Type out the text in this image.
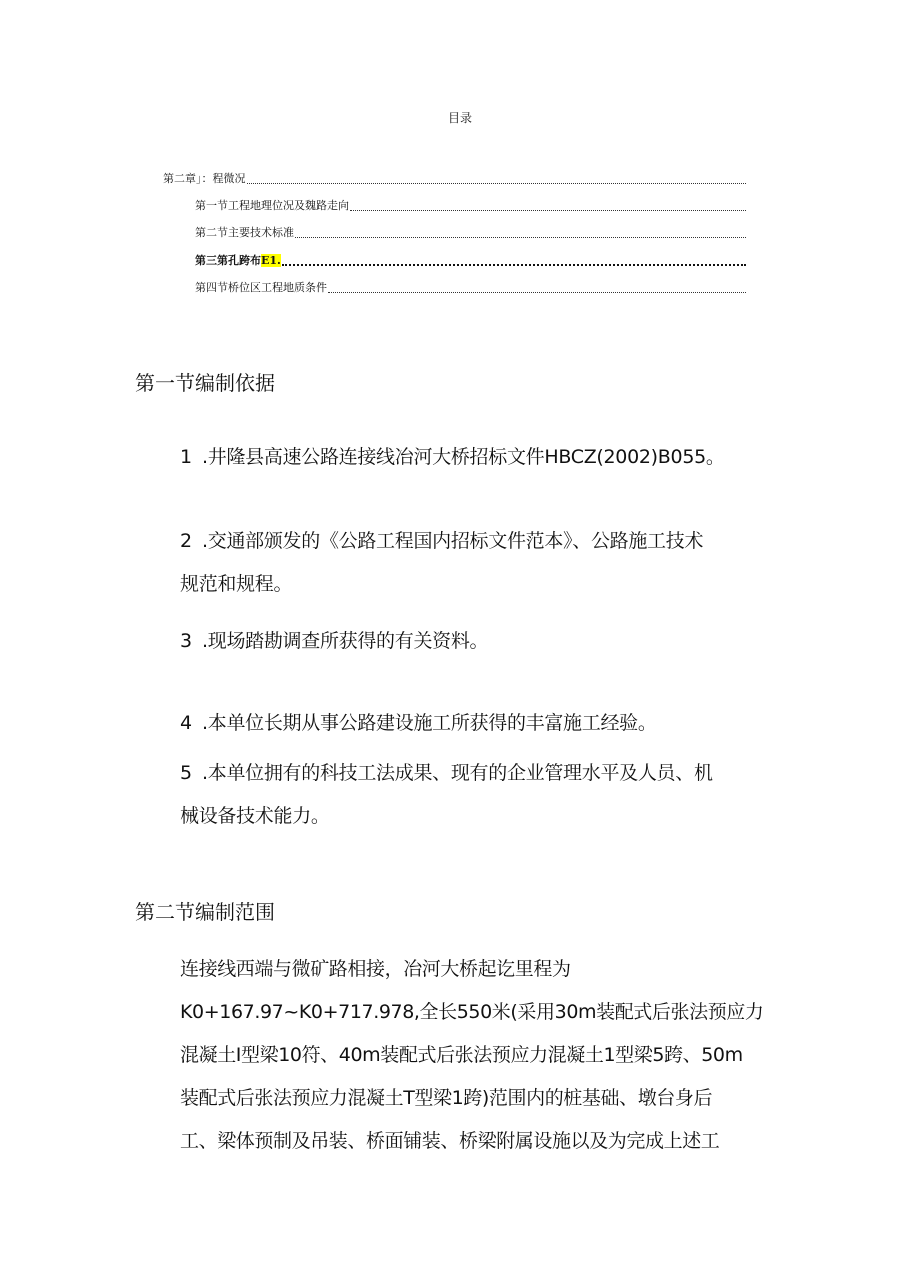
目录
第二章」：程微况
第一节工程地理位况及魏路走向
第二节主要技术标准
第三第孔跨布E1.
第四节桥位区工程地质条件
第一节编制依据
1 .井隆县高速公路连接线冶河大桥招标文件HBCZ(2002)B055。
2 .交通部颁发的《公路工程国内招标文件范本》、公路施工技术
规范和规程。
3 .现场踏勘调查所获得的有关资料。
4 .本单位长期从事公路建设施工所获得的丰富施工经验。
5 .本单位拥有的科技工法成果、现有的企业管理水平及人员、机
械设备技术能力。
第二节编制范围
连接线西端与微矿路相接，冶河大桥起讫里程为
K0+167.97~K0+717.978,全长550米(采用30m装配式后张法预应力
混凝土I型梁10符、40m装配式后张法预应力混凝土1型梁5跨、50m
装配式后张法预应力混凝土T型梁1跨)范围内的桩基础、墩台身后
工、梁体预制及吊装、桥面铺装、桥梁附属设施以及为完成上述工
